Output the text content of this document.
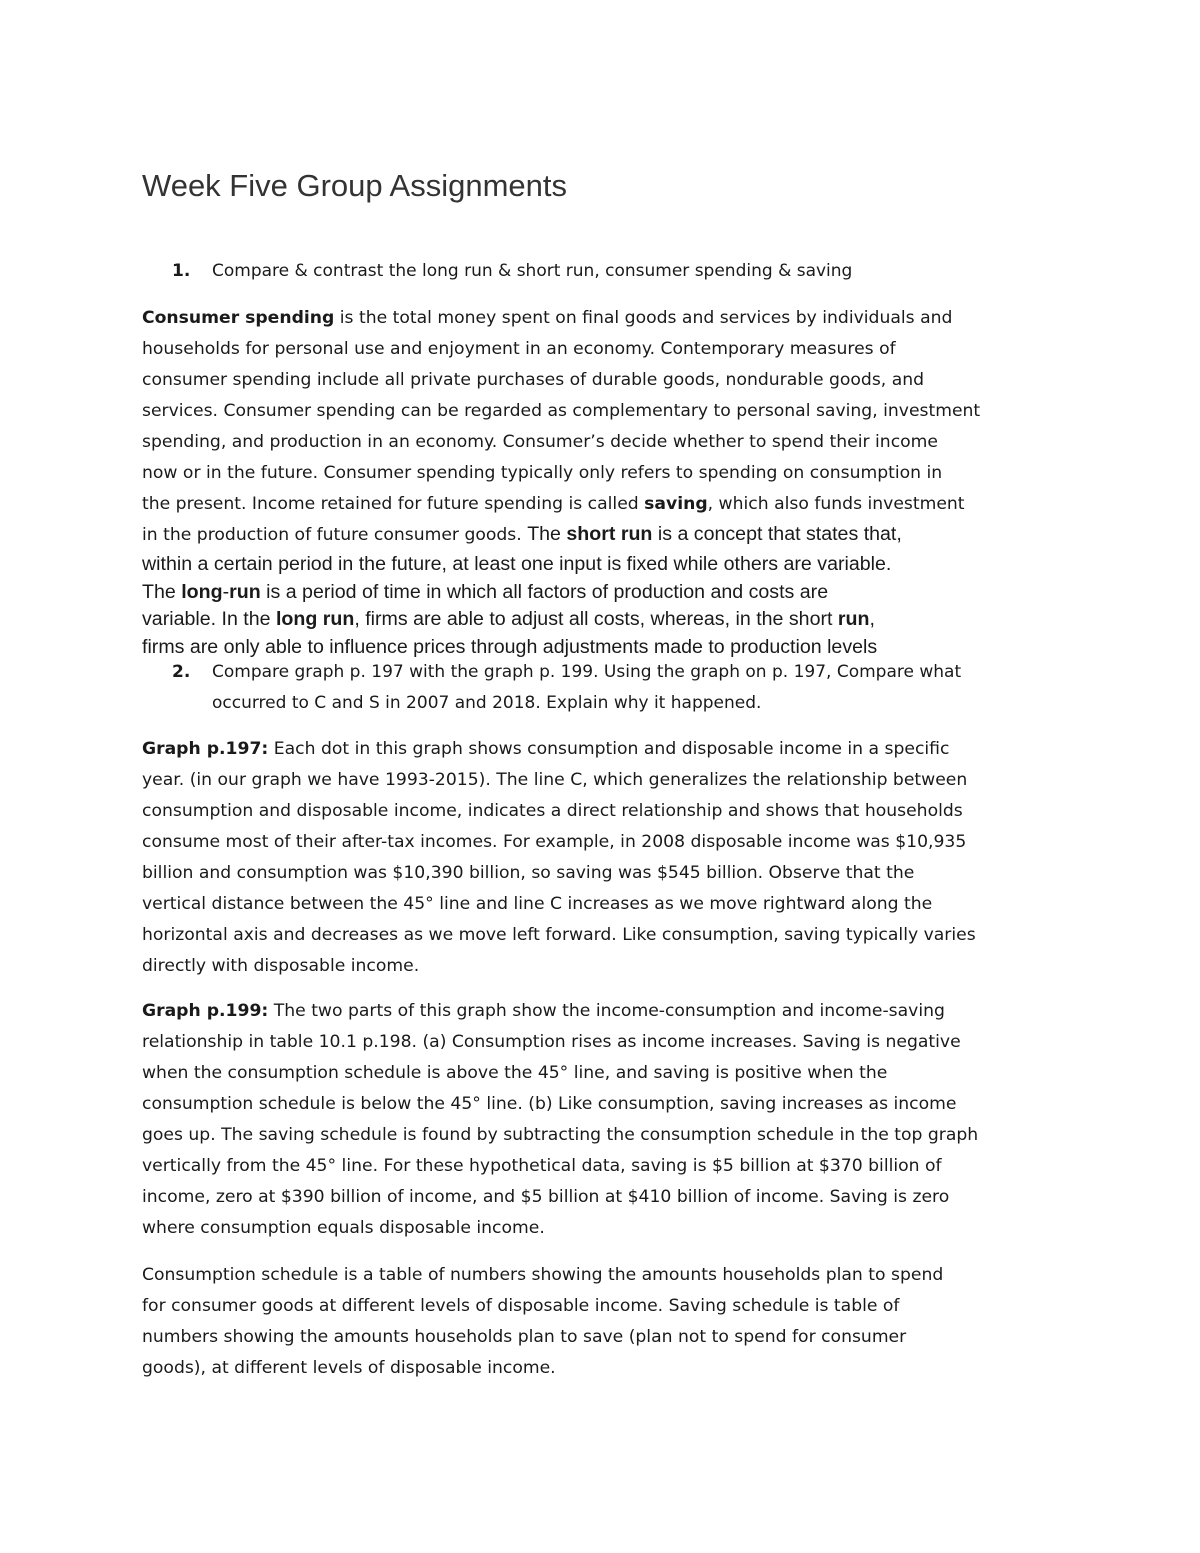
Week Five Group Assignments
1. Compare & contrast the long run & short run, consumer spending & saving
Consumer spending is the total money spent on final goods and services by individuals and
households for personal use and enjoyment in an economy. Contemporary measures of
consumer spending include all private purchases of durable goods, nondurable goods, and
services. Consumer spending can be regarded as complementary to personal saving, investment
spending, and production in an economy. Consumer’s decide whether to spend their income
now or in the future. Consumer spending typically only refers to spending on consumption in
the present. Income retained for future spending is called saving, which also funds investment
in the production of future consumer goods. The short run is a concept that states that,
within a certain period in the future, at least one input is fixed while others are variable.
The long-run is a period of time in which all factors of production and costs are
variable. In the long run, firms are able to adjust all costs, whereas, in the short run,
firms are only able to influence prices through adjustments made to production levels
2. Compare graph p. 197 with the graph p. 199. Using the graph on p. 197, Compare what
occurred to C and S in 2007 and 2018. Explain why it happened.
Graph p.197: Each dot in this graph shows consumption and disposable income in a specific
year. (in our graph we have 1993-2015). The line C, which generalizes the relationship between
consumption and disposable income, indicates a direct relationship and shows that households
consume most of their after-tax incomes. For example, in 2008 disposable income was $10,935
billion and consumption was $10,390 billion, so saving was $545 billion. Observe that the
vertical distance between the 45° line and line C increases as we move rightward along the
horizontal axis and decreases as we move left forward. Like consumption, saving typically varies
directly with disposable income.
Graph p.199: The two parts of this graph show the income-consumption and income-saving
relationship in table 10.1 p.198. (a) Consumption rises as income increases. Saving is negative
when the consumption schedule is above the 45° line, and saving is positive when the
consumption schedule is below the 45° line. (b) Like consumption, saving increases as income
goes up. The saving schedule is found by subtracting the consumption schedule in the top graph
vertically from the 45° line. For these hypothetical data, saving is $5 billion at $370 billion of
income, zero at $390 billion of income, and $5 billion at $410 billion of income. Saving is zero
where consumption equals disposable income.
Consumption schedule is a table of numbers showing the amounts households plan to spend
for consumer goods at different levels of disposable income. Saving schedule is table of
numbers showing the amounts households plan to save (plan not to spend for consumer
goods), at different levels of disposable income.
